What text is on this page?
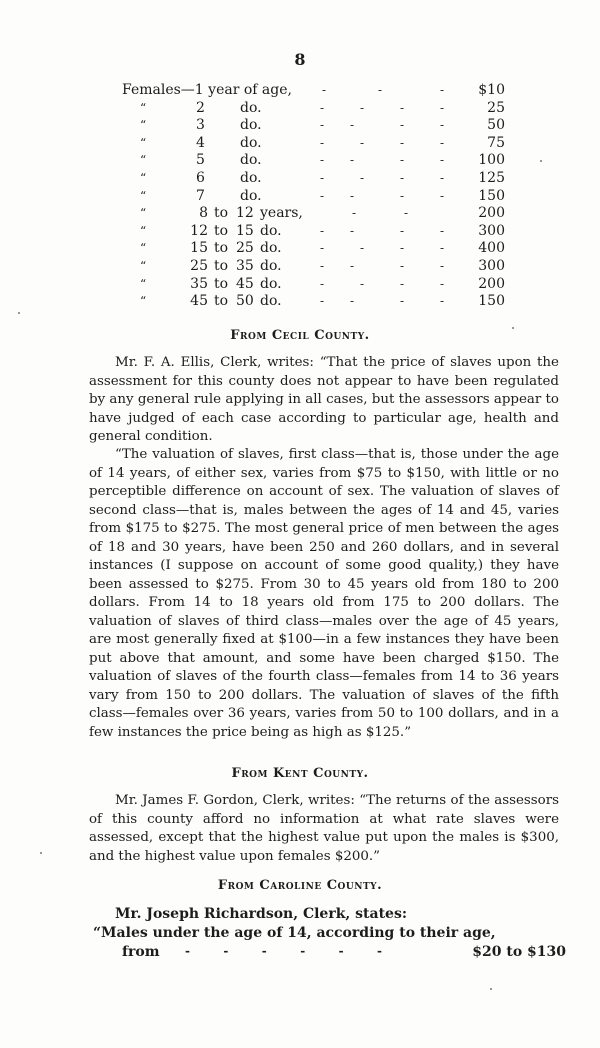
8
Females—1 year of age,	-	-	-	$10
“	2	do.	-	-	-	-	25
“	3	do.	- -	-	-	50
“	4	do.	-	-	-	-	75
“	5	do.	- -	-	-	100
“	6	do.	-	-	-	-	125
“	7	do.	- -	-	-	150
“	8 to 12 years,	-	-	200
“	12 to 15 do.	- -	-	-	300
“	15 to 25 do.	-	-	-	-	400
“	25 to 35 do.	- -	-	-	300
“	35 to 45 do.	-	-	-	-	200
“	45 to 50 do.	- -	-	-	150
From Cecil County.
Mr. F. A. Ellis, Clerk, writes: “That the price of slaves upon the assessment for this county does not appear to have been regulated by any general rule applying in all cases, but the assessors appear to have judged of each case according to particular age, health and general condition.
“The valuation of slaves, first class—that is, those under the age of 14 years, of either sex, varies from $75 to $150, with little or no perceptible difference on account of sex. The valuation of slaves of second class—that is, males between the ages of 14 and 45, varies from $175 to $275. The most general price of men between the ages of 18 and 30 years, have been 250 and 260 dollars, and in several instances (I suppose on account of some good quality,) they have been assessed to $275. From 30 to 45 years old from 180 to 200 dollars. From 14 to 18 years old from 175 to 200 dollars. The valuation of slaves of third class—males over the age of 45 years, are most generally fixed at $100—in a few instances they have been put above that amount, and some have been charged $150. The valuation of slaves of the fourth class—females from 14 to 36 years vary from 150 to 200 dollars. The valuation of slaves of the fifth class—females over 36 years, varies from 50 to 100 dollars, and in a few instances the price being as high as $125.”
From Kent County.
Mr. James F. Gordon, Clerk, writes: “The returns of the assessors of this county afford no information at what rate slaves were assessed, except that the highest value put upon the males is $300, and the highest value upon females $200.”
From Caroline County.
Mr. Joseph Richardson, Clerk, states:
“Males under the age of 14, according to their age,
from -        -        -        -        -        -	$20 to $130
